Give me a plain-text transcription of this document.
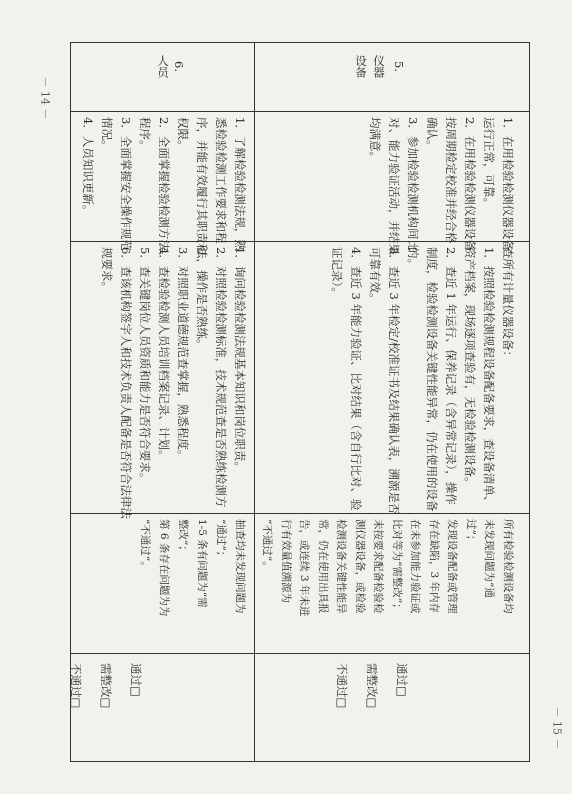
－ 14 －
－ 15 －
5.
仪器
设备
1．在用检验检测仪器设备
运行正常，可靠。
2．在用检验检测仪器设备
按周期检定校准并经合格
确认。
3．参加检验检测机构间比
对、能力验证活动，并结果
均满意。
查所有计量仪器设备：
1．按照检验检测规程设备配备要求，查设备清单、
资产档案，现场逐项查验有，无检验检测设备。
2．查近 1 年运行、保养记录（含异常记录），操作
制度，检验检测设备关键性能异常，仍在使用的设备
的。
3．查近 3 年检定/校准证书及结果确认表，溯源是否
可靠有效。
4．查近 3 年能力验证、比对结果（含自行比对、验
证记录）。
所有检验检测设备均
未发现问题为“通
过”；
发现设备配备或管理
存在缺陷，3 年内存
在未参加能力验证或
比对等为“需整改”；
未按要求配备检验检
测仪器设备，或检验
检测设备关键性能异
常，仍在使用出具报
告，或连续 3 年未进
行有效量值溯源为
“不通过”。
通过□
需整改□
不通过□
6.
人员
1．了解检验检测法规，熟
悉检验检测工作要求和程
序，并能有效履行其职责和
权限。
2．全面掌握检验检测方法、
程序。
3．全面掌握安全操作规范
情况。
4．人员知识更新。
1．询问检验检测法规基本知识和岗位职责。
2．对照检验检测标准，技术规范查是否熟练检测方
法，操作是否熟练。
3．对照职业道德规范查掌握，熟悉程度。
4．查检验检测人员培训档案记录、计划。
5．查关键岗位人员资质和能力是否符合要求。
6．查该机构签字人和技术负责人配备是否符合法律法
规要求。
抽查均未发现问题为
“通过”；
1-5 条有问题为“需
整改”；
第 6 条存在问题为为
“不通过”。
通过□
需整改□
不通过□
